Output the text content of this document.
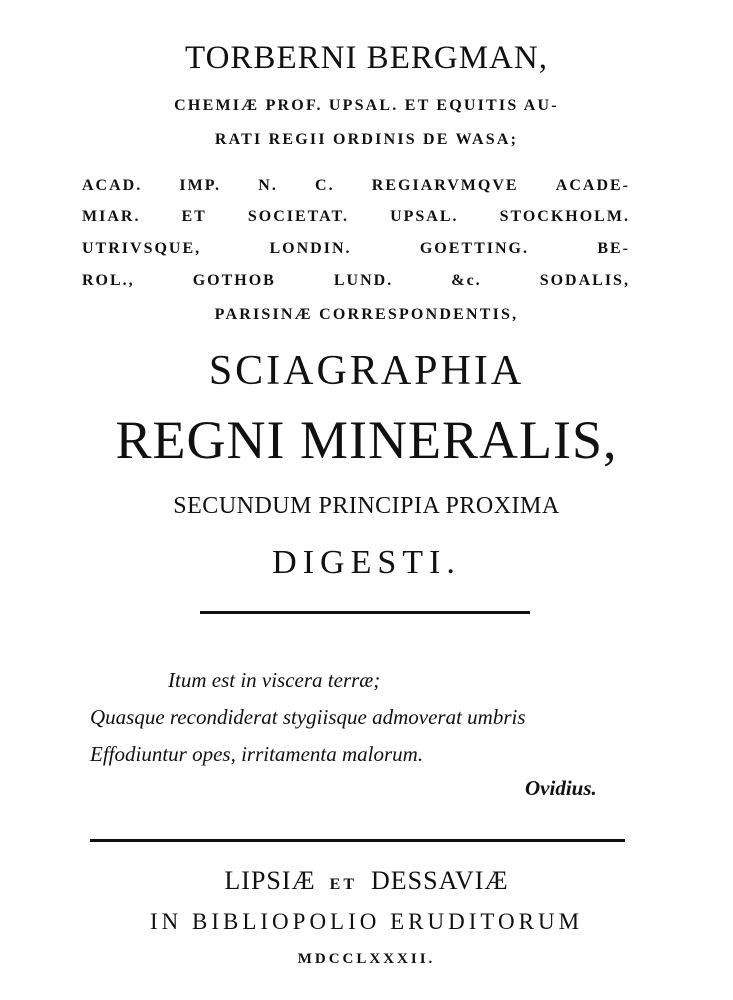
TORBERNI BERGMAN,
CHEMIÆ PROF. UPSAL. ET EQUITIS AU-
RATI REGII ORDINIS DE WASA;
ACAD. IMP. N. C. REGIARVMQVE ACADE-
MIAR.	ET	SOCIETAT.	UPSAL.	STOCKHOLM.
UTRIVSQUE,	LONDIN.	GOETTING.	BE-
ROL.,	GOTHOB	LUND.	&c.	SODALIS,
PARISINÆ CORRESPONDENTIS,
SCIAGRAPHIA
REGNI MINERALIS,
SECUNDUM PRINCIPIA PROXIMA
DIGESTI.
Itum est in viscera terræ;
Quasque recondiderat stygiisque admoverat umbris
Effodiuntur opes, irritamenta malorum.
Ovidius.
LIPSIÆ ET DESSAVIÆ
IN BIBLIOPOLIO ERUDITORUM
MDCCLXXXII.
